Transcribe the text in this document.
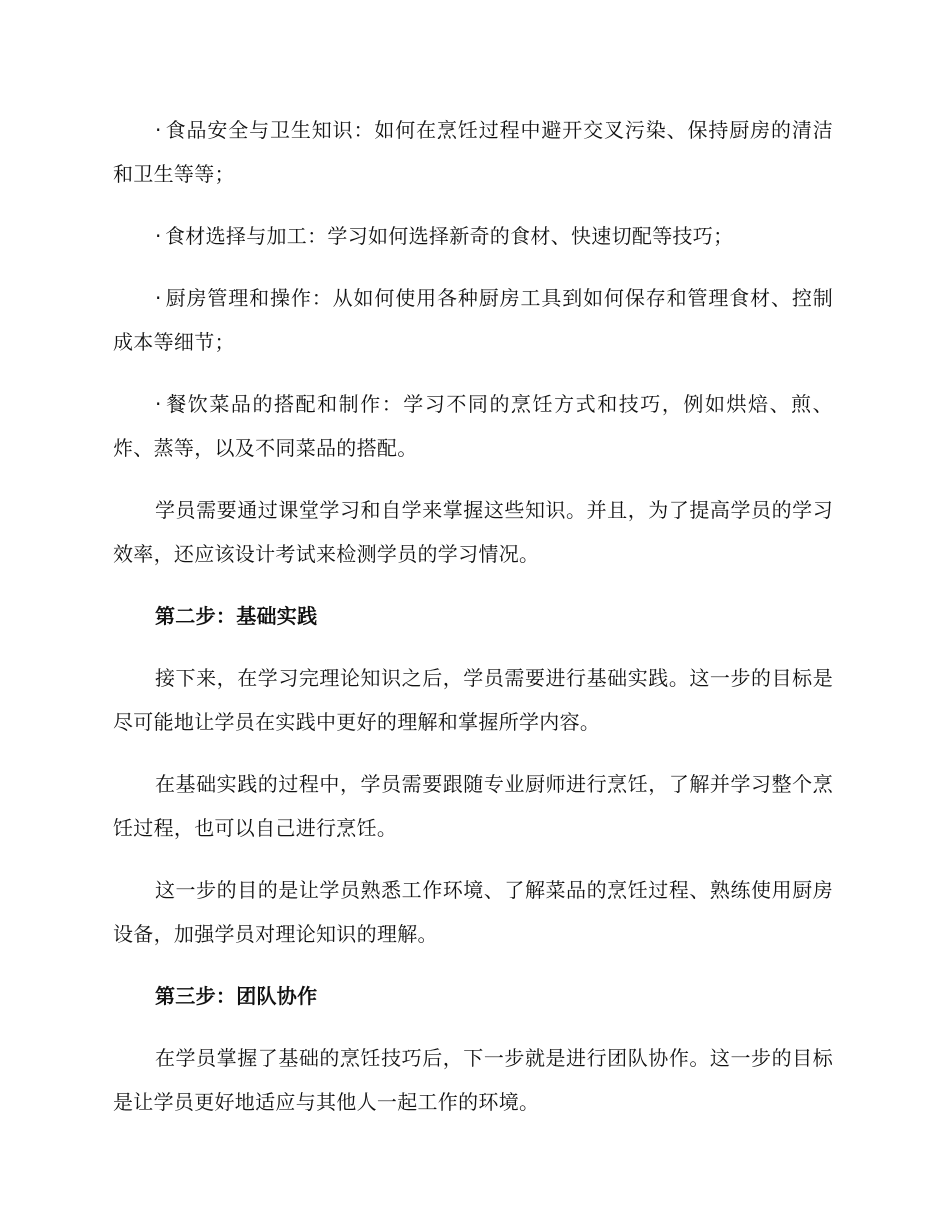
· 食品安全与卫生知识：如何在烹饪过程中避开交叉污染、保持厨房的清洁和卫生等等；

· 食材选择与加工：学习如何选择新奇的食材、快速切配等技巧；

· 厨房管理和操作：从如何使用各种厨房工具到如何保存和管理食材、控制成本等细节；

· 餐饮菜品的搭配和制作：学习不同的烹饪方式和技巧，例如烘焙、煎、炸、蒸等，以及不同菜品的搭配。

学员需要通过课堂学习和自学来掌握这些知识。并且，为了提高学员的学习效率，还应该设计考试来检测学员的学习情况。

第二步：基础实践

接下来，在学习完理论知识之后，学员需要进行基础实践。这一步的目标是尽可能地让学员在实践中更好的理解和掌握所学内容。

在基础实践的过程中，学员需要跟随专业厨师进行烹饪，了解并学习整个烹饪过程，也可以自己进行烹饪。

这一步的目的是让学员熟悉工作环境、了解菜品的烹饪过程、熟练使用厨房设备，加强学员对理论知识的理解。

第三步：团队协作

在学员掌握了基础的烹饪技巧后，下一步就是进行团队协作。这一步的目标是让学员更好地适应与其他人一起工作的环境。
